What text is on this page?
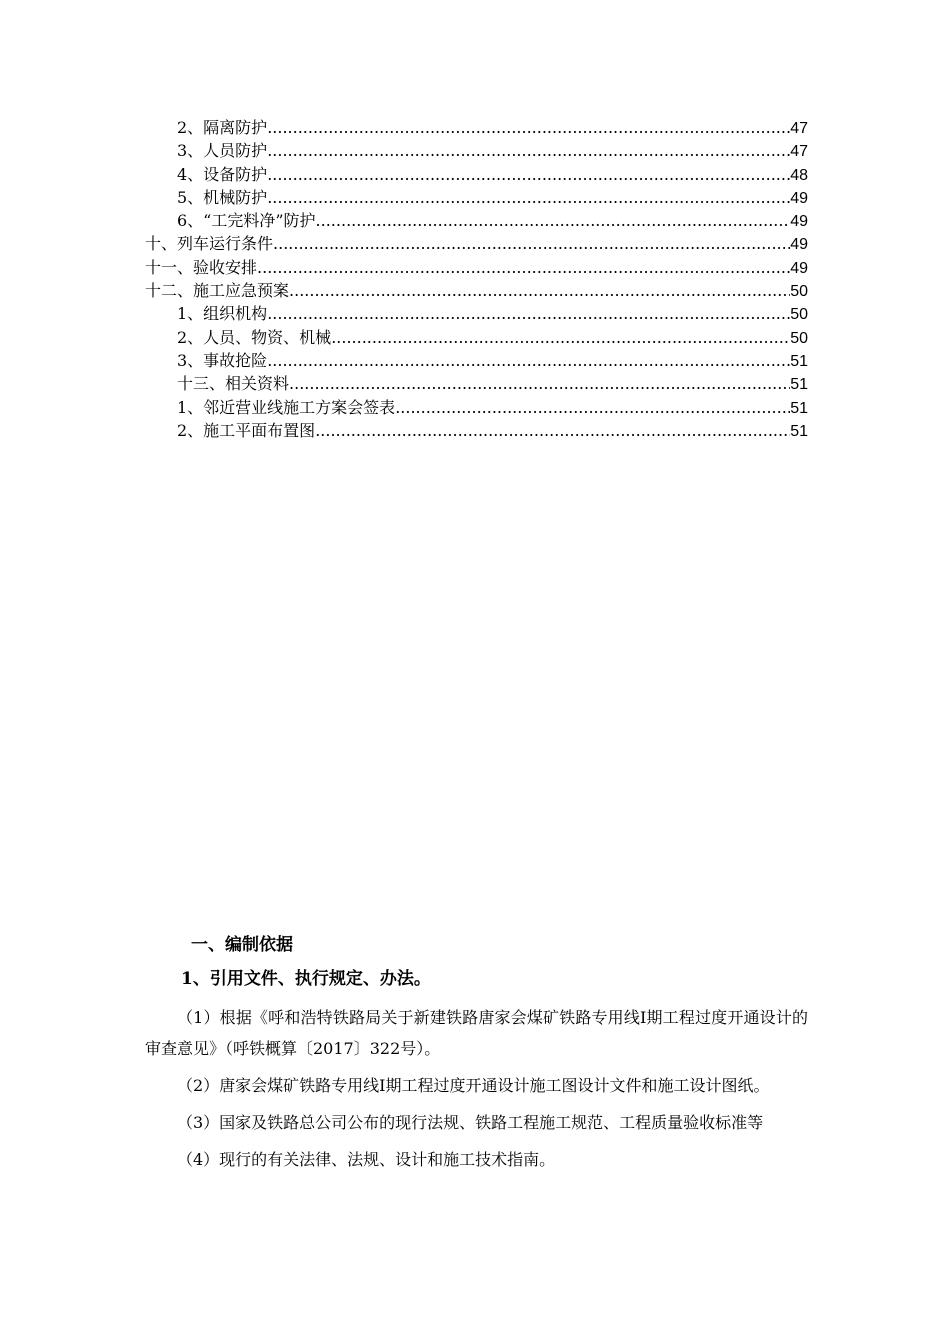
2、隔离防护 .....	47
3、人员防护 .....	47
4、设备防护 .....	48
5、机械防护 .....	49
6、“工完料净”防护 .....	49
十、列车运行条件 .....	49
十一、验收安排 .....	49
十二、施工应急预案 .....	50
1、组织机构 .....	50
2、人员、物资、机械 .....	50
3、事故抢险 .....	51
十三、相关资料 .....	51
1、邻近营业线施工方案会签表 .....	51
2、施工平面布置图 .....	51
一、编制依据
1、引用文件、执行规定、办法。

（1）根据《呼和浩特铁路局关于新建铁路唐家会煤矿铁路专用线Ⅰ期工程过度开通设计的审查意见》（呼铁概算〔2017〕322号）。

（2）唐家会煤矿铁路专用线Ⅰ期工程过度开通设计施工图设计文件和施工设计图纸。

（3）国家及铁路总公司公布的现行法规、铁路工程施工规范、工程质量验收标准等

（4）现行的有关法律、法规、设计和施工技术指南。
